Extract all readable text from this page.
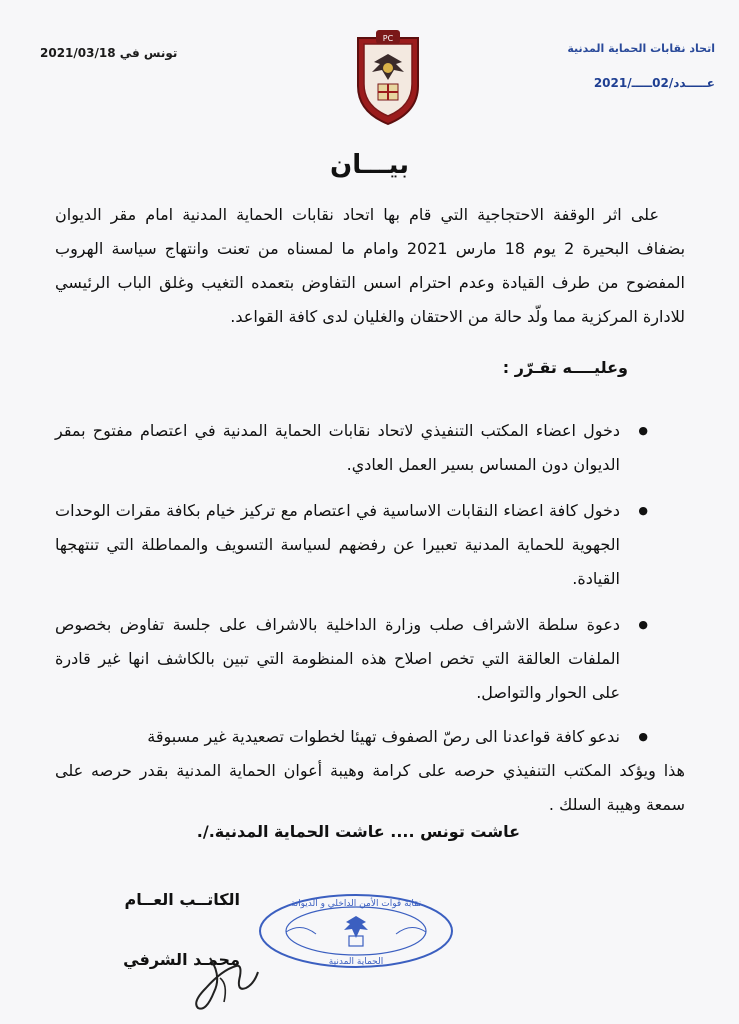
اتحاد نقابات الحماية المدنية
عـــــدد/02ـــــ/2021
تونس في 2021/03/18
PC
بيـــان
على اثر الوقفة الاحتجاجية التي قام بها اتحاد نقابات الحماية المدنية امام مقر الديوان بضفاف البحيرة 2 يوم 18 مارس 2021 وامام ما لمسناه من تعنت وانتهاج سياسة الهروب المفضوح من طرف القيادة وعدم احترام اسس التفاوض بتعمده التغيب وغلق الباب الرئيسي للادارة المركزية مما ولّد حالة من الاحتقان والغليان لدى كافة القواعد.
وعليــــه تقـرّر :
● دخول اعضاء المكتب التنفيذي لاتحاد نقابات الحماية المدنية في اعتصام مفتوح بمقر الديوان دون المساس بسير العمل العادي.
● دخول كافة اعضاء النقابات الاساسية في اعتصام مع تركيز خيام بكافة مقرات الوحدات الجهوية للحماية المدنية تعبيرا عن رفضهم لسياسة التسويف والمماطلة التي تنتهجها القيادة.
● دعوة سلطة الاشراف صلب وزارة الداخلية بالاشراف على جلسة تفاوض بخصوص الملفات العالقة التي تخص اصلاح هذه المنظومة التي تبين بالكاشف انها غير قادرة على الحوار والتواصل.
● ندعو كافة قواعدنا الى رصّ الصفوف تهيئا لخطوات تصعيدية غير مسبوقة
هذا ويؤكد المكتب التنفيذي حرصه على كرامة وهيبة أعوان الحماية المدنية بقدر حرصه على سمعة وهيبة السلك .
عاشت تونس .... عاشت الحماية المدنية./.
الكاتــب العــام
محمـد الشرفي
نقابة قوات الأمن الداخلي و الديوانة
الحماية المدنية
